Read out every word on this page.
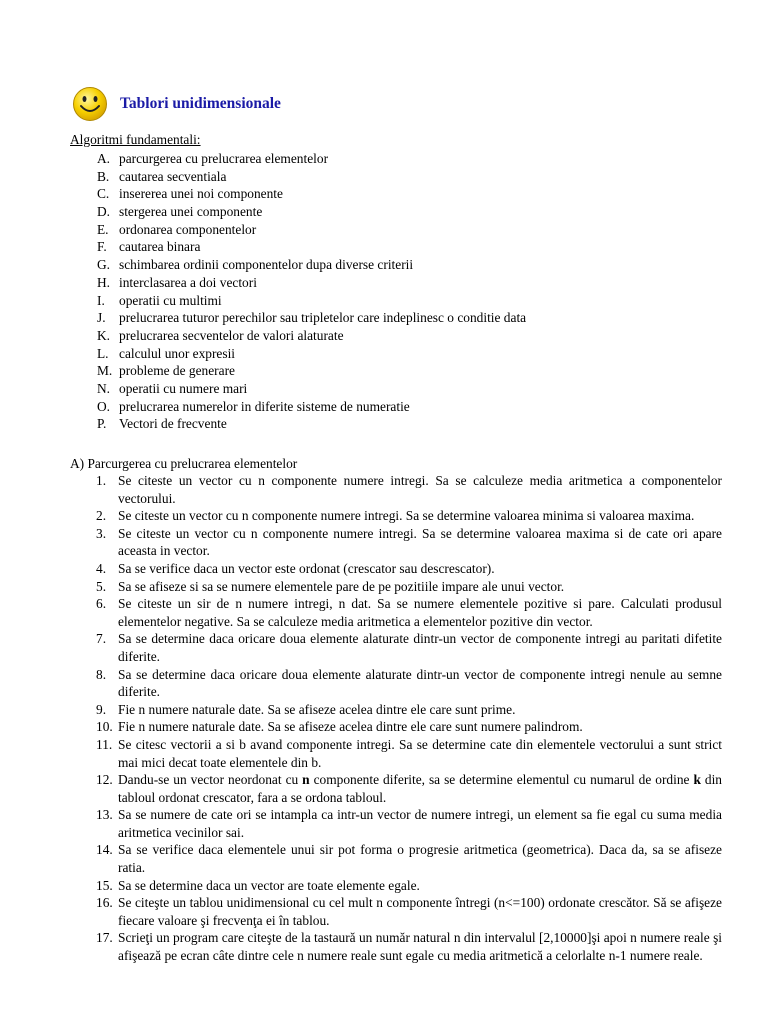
Tablori unidimensionale
Algoritmi fundamentali:
A. parcurgerea cu prelucrarea elementelor
B. cautarea secventiala
C. insererea unei noi componente
D. stergerea unei componente
E. ordonarea componentelor
F. cautarea binara
G. schimbarea ordinii componentelor dupa diverse criterii
H. interclasarea a doi vectori
I.	operatii cu multimi
J.	prelucrarea tuturor perechilor sau tripletelor care indeplinesc o conditie data
K. prelucrarea secventelor de valori alaturate
L. calculul unor expresii
M. probleme de generare
N. operatii cu numere mari
O. prelucrarea numerelor in diferite sisteme de numeratie
P. Vectori de frecvente
A) Parcurgerea cu prelucrarea elementelor
1. Se citeste un vector cu n componente numere intregi. Sa se calculeze media aritmetica a componentelor vectorului.
2. Se citeste un vector cu n componente numere intregi. Sa se determine valoarea minima si valoarea maxima.
3. Se citeste un vector cu n componente numere intregi. Sa se determine valoarea maxima si de cate ori apare aceasta in vector.
4. Sa se verifice daca un vector este ordonat (crescator sau descrescator).
5. Sa se afiseze si sa se numere elementele pare de pe pozitiile impare ale unui vector.
6. Se citeste un sir de n numere intregi, n dat. Sa se numere elementele pozitive si pare. Calculati produsul elementelor negative. Sa se calculeze media aritmetica a elementelor pozitive din vector.
7. Sa se determine daca oricare doua elemente alaturate dintr-un vector de componente intregi au paritati difetite diferite.
8. Sa se determine daca oricare doua elemente alaturate dintr-un vector de componente intregi nenule au semne diferite.
9. Fie n numere naturale date. Sa se afiseze acelea dintre ele care sunt prime.
10. Fie n numere naturale date. Sa se afiseze acelea dintre ele care sunt numere palindrom.
11. Se citesc vectorii a si b avand componente intregi. Sa se determine cate din elementele vectorului a sunt strict mai mici decat toate elementele din b.
12. Dandu-se un vector neordonat cu n componente diferite, sa se determine elementul cu numarul de ordine k din tabloul ordonat crescator, fara a se ordona tabloul.
13. Sa se numere de cate ori se intampla ca intr-un vector de numere intregi, un element sa fie egal cu suma media aritmetica vecinilor sai.
14. Sa se verifice daca elementele unui sir pot forma o progresie aritmetica (geometrica). Daca da, sa se afiseze ratia.
15. Sa se determine daca un vector are toate elemente egale.
16. Se citeşte un tablou unidimensional cu cel mult n componente întregi (n<=100) ordonate crescător. Să se afişeze fiecare valoare şi frecvenţa ei în tablou.
17. Scrieţi un program care citeşte de la tastaură un număr natural n din intervalul [2,10000]şi apoi n numere reale şi afişează pe ecran câte dintre cele n numere reale sunt egale cu media aritmetică a celorlalte n-1 numere reale.
